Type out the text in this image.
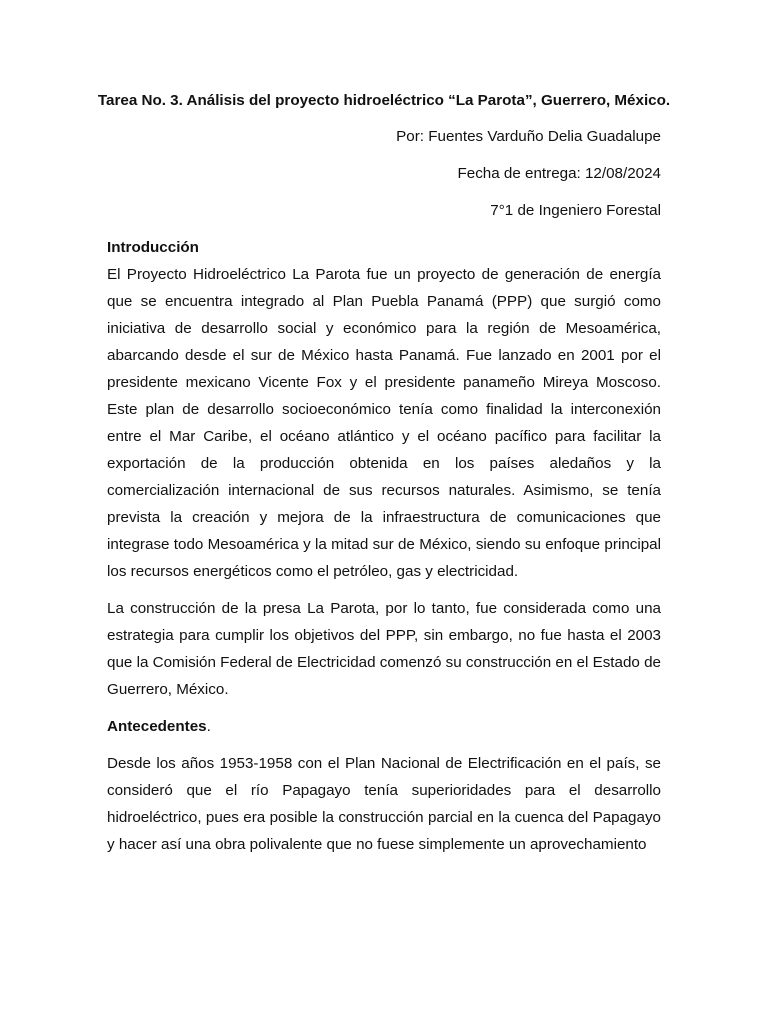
Tarea No. 3. Análisis del proyecto hidroeléctrico “La Parota”, Guerrero, México.

Por: Fuentes Varduño Delia Guadalupe

Fecha de entrega: 12/08/2024

7°1 de Ingeniero Forestal

Introducción

El Proyecto Hidroeléctrico La Parota fue un proyecto de generación de energía que se encuentra integrado al Plan Puebla Panamá (PPP) que surgió como iniciativa de desarrollo social y económico para la región de Mesoamérica, abarcando desde el sur de México hasta Panamá. Fue lanzado en 2001 por el presidente mexicano Vicente Fox y el presidente panameño Mireya Moscoso. Este plan de desarrollo socioeconómico tenía como finalidad la interconexión entre el Mar Caribe, el océano atlántico y el océano pacífico para facilitar la exportación de la producción obtenida en los países aledaños y la comercialización internacional de sus recursos naturales. Asimismo, se tenía prevista la creación y mejora de la infraestructura de comunicaciones que integrase todo Mesoamérica y la mitad sur de México, siendo su enfoque principal los recursos energéticos como el petróleo, gas y electricidad.

La construcción de la presa La Parota, por lo tanto, fue considerada como una estrategia para cumplir los objetivos del PPP, sin embargo, no fue hasta el 2003 que la Comisión Federal de Electricidad comenzó su construcción en el Estado de Guerrero, México.

Antecedentes.

Desde los años 1953-1958 con el Plan Nacional de Electrificación en el país, se consideró que el río Papagayo tenía superioridades para el desarrollo hidroeléctrico, pues era posible la construcción parcial en la cuenca del Papagayo y hacer así una obra polivalente que no fuese simplemente un aprovechamiento
